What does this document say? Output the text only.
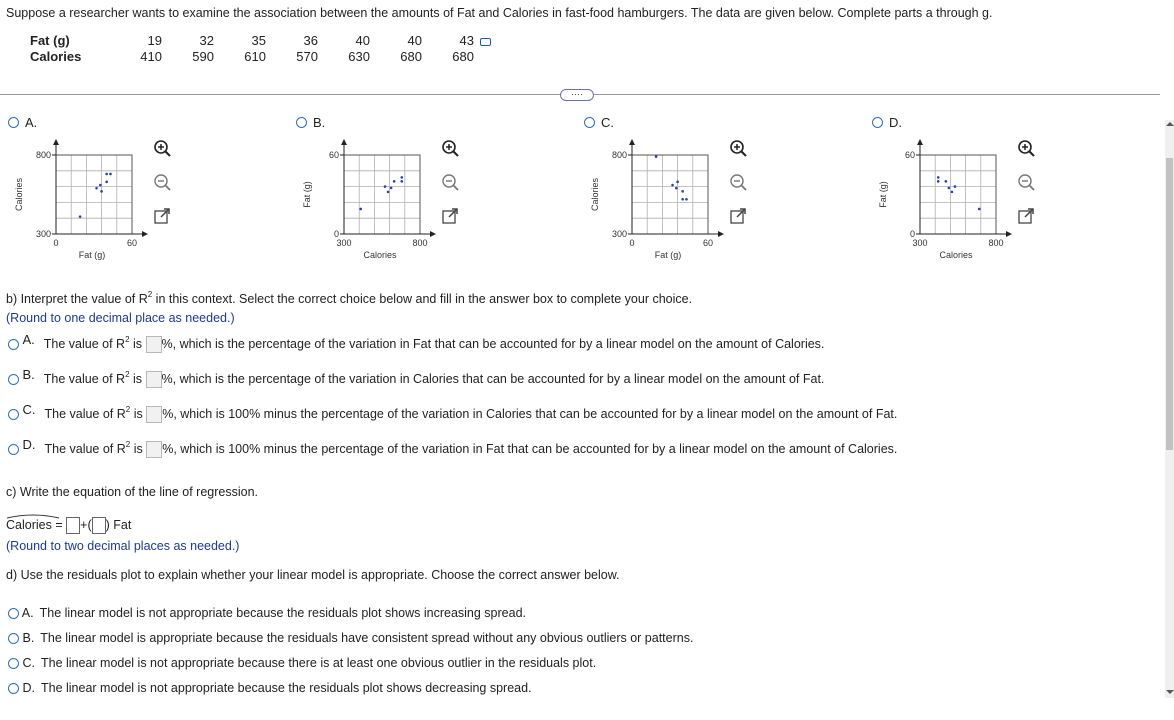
Suppose a researcher wants to examine the association between the amounts of Fat and Calories in fast-food hamburgers. The data are given below. Complete parts a through g.
Fat (g)	19	32	35	36	40	40	43	
Calories	410	590	610	570	630	680	680	
····
A.
800
300
0	60
Fat (g)
Calories
B.
60
0
300	800
Calories
Fat (g)
C.
800
300
0	60
Fat (g)
Calories
D.
60
0
300	800
Calories
Fat (g)
b) Interpret the value of $R^2$ in this context. Select the correct choice below and fill in the answer box to complete your choice.
(Round to one decimal place as needed.)
A. The value of $R^2$ is %, which is the percentage of the variation in Fat that can be accounted for by a linear model on the amount of Calories.
B. The value of $R^2$ is %, which is the percentage of the variation in Calories that can be accounted for by a linear model on the amount of Fat.
C. The value of $R^2$ is %, which is 100% minus the percentage of the variation in Calories that can be accounted for by a linear model on the amount of Fat.
D. The value of $R^2$ is %, which is 100% minus the percentage of the variation in Fat that can be accounted for by a linear model on the amount of Calories.
c) Write the equation of the line of regression.
Calories = +( ) Fat
(Round to two decimal places as needed.)
d) Use the residuals plot to explain whether your linear model is appropriate. Choose the correct answer below.
A. The linear model is not appropriate because the residuals plot shows increasing spread.
B. The linear model is appropriate because the residuals have consistent spread without any obvious outliers or patterns.
C. The linear model is not appropriate because there is at least one obvious outlier in the residuals plot.
D. The linear model is not appropriate because the residuals plot shows decreasing spread.
